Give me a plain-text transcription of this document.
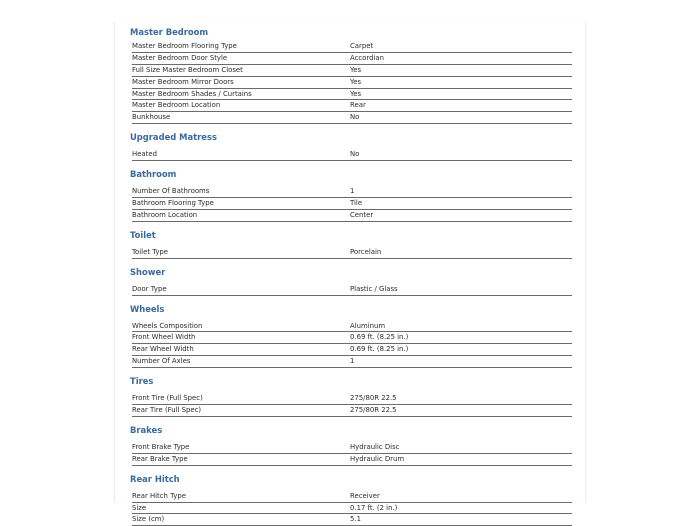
Master Bedroom
Master Bedroom Flooring Type	Carpet
Master Bedroom Door Style	Accordian
Full Size Master Bedroom Closet	Yes
Master Bedroom Mirror Doors	Yes
Master Bedroom Shades / Curtains	Yes
Master Bedroom Location	Rear
Bunkhouse	No
Upgraded Matress
Heated	No
Bathroom
Number Of Bathrooms	1
Bathroom Flooring Type	Tile
Bathroom Location	Center
Toilet
Toilet Type	Porcelain
Shower
Door Type	Plastic / Glass
Wheels
Wheels Composition	Aluminum
Front Wheel Width	0.69 ft. (8.25 in.)
Rear Wheel Width	0.69 ft. (8.25 in.)
Number Of Axles	1
Tires
Front Tire (Full Spec)	275/80R 22.5
Rear Tire (Full Spec)	275/80R 22.5
Brakes
Front Brake Type	Hydraulic Disc
Rear Brake Type	Hydraulic Drum
Rear Hitch
Rear Hitch Type	Receiver
Size	0.17 ft. (2 in.)
Size (cm)	5.1
